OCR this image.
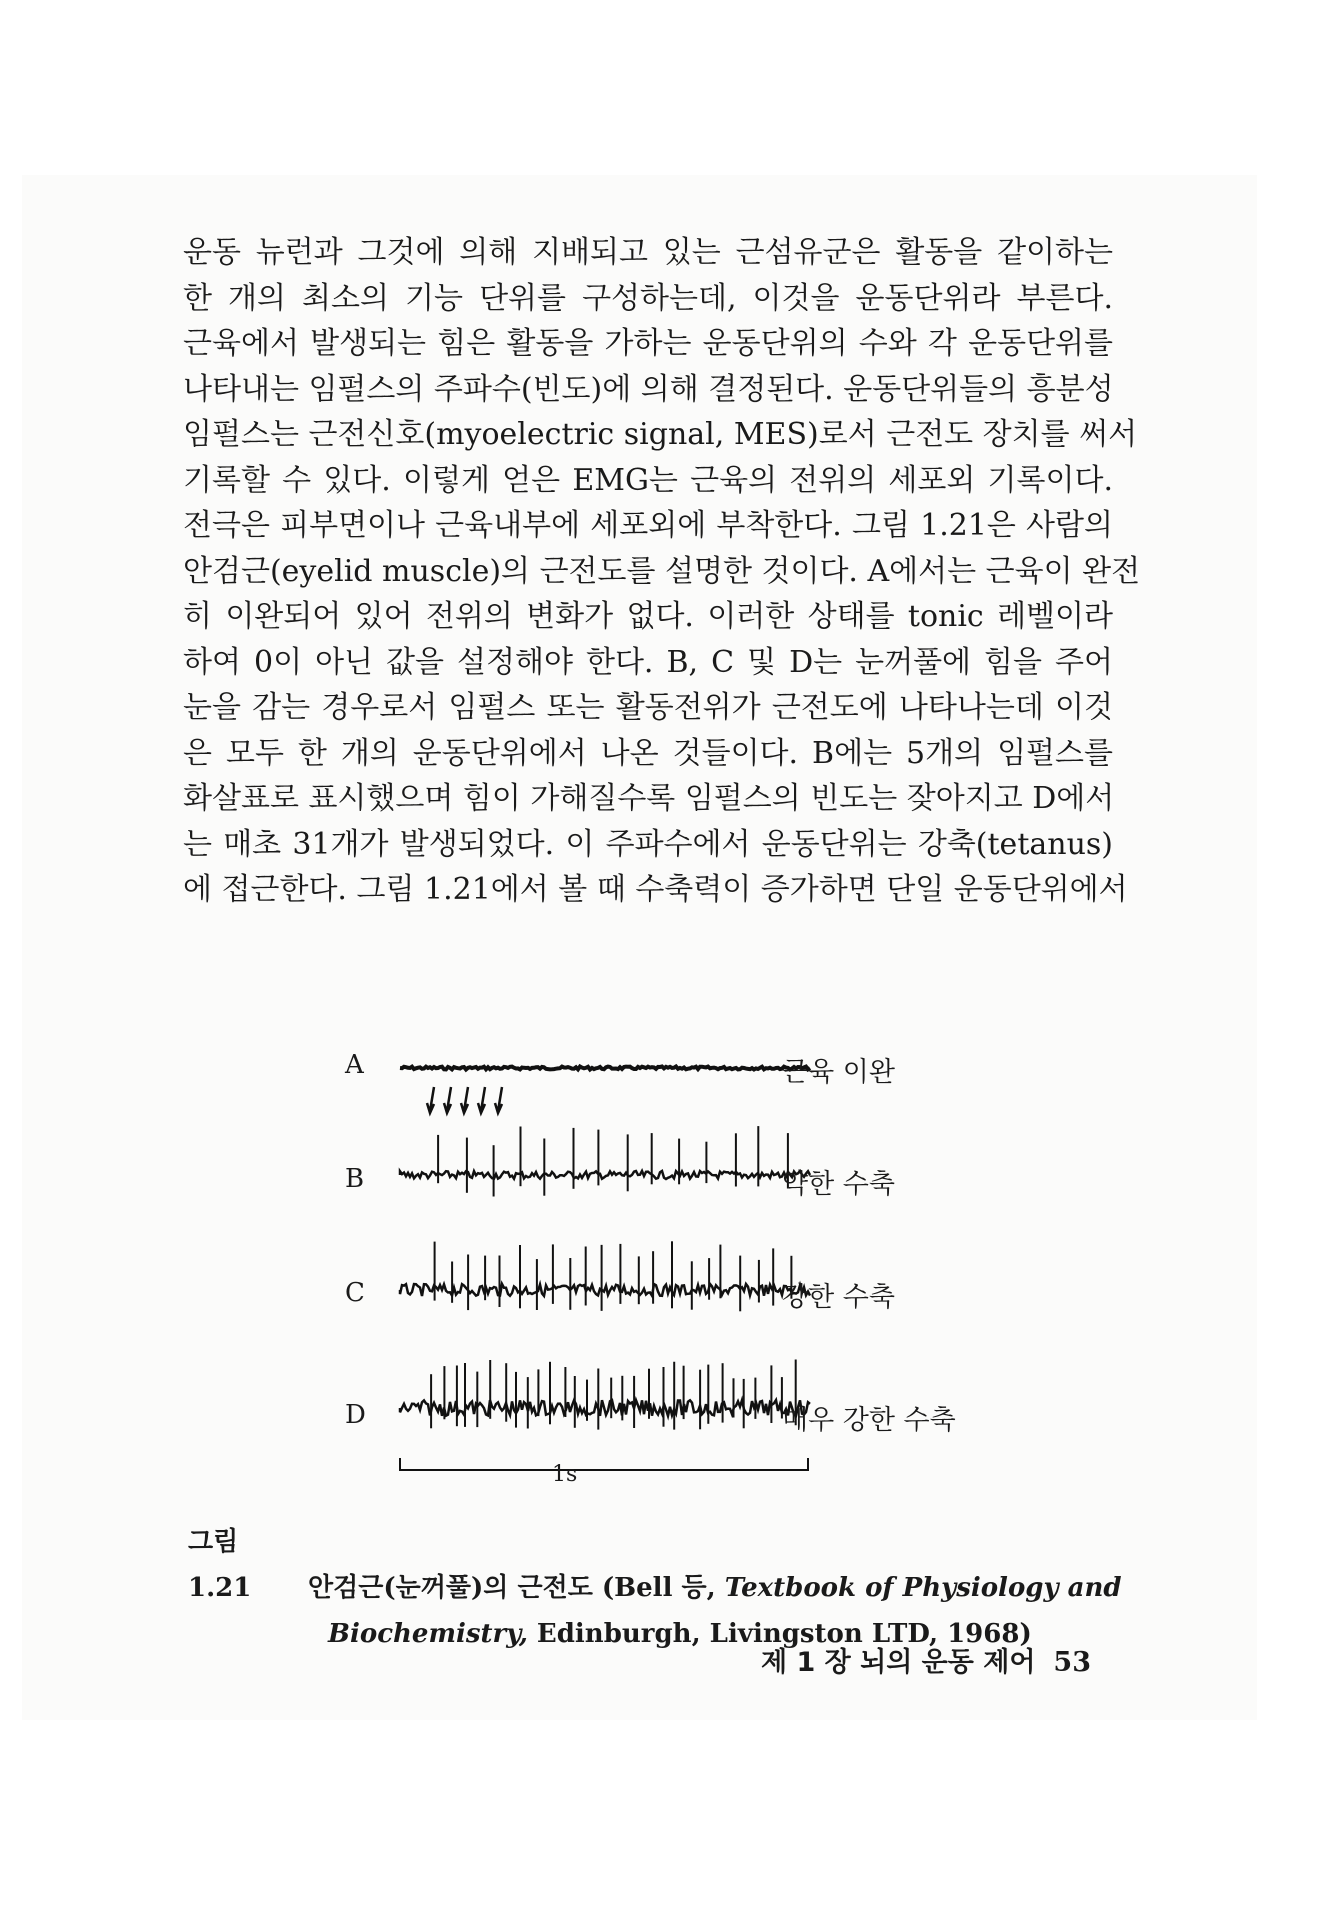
운동 뉴런과 그것에 의해 지배되고 있는 근섬유군은 활동을 같이하는
한 개의 최소의 기능 단위를 구성하는데, 이것을 운동단위라 부른다.
근육에서 발생되는 힘은 활동을 가하는 운동단위의 수와 각 운동단위를
나타내는 임펄스의 주파수(빈도)에 의해 결정된다. 운동단위들의 흥분성
임펄스는 근전신호(myoelectric signal, MES)로서 근전도 장치를 써서
기록할 수 있다. 이렇게 얻은 EMG는 근육의 전위의 세포외 기록이다.
전극은 피부면이나 근육내부에 세포외에 부착한다. 그림 1.21은 사람의
안검근(eyelid muscle)의 근전도를 설명한 것이다. A에서는 근육이 완전
히 이완되어 있어 전위의 변화가 없다. 이러한 상태를 tonic 레벨이라
하여 0이 아닌 값을 설정해야 한다. B, C 및 D는 눈꺼풀에 힘을 주어
눈을 감는 경우로서 임펄스 또는 활동전위가 근전도에 나타나는데 이것
은 모두 한 개의 운동단위에서 나온 것들이다. B에는 5개의 임펄스를
화살표로 표시했으며 힘이 가해질수록 임펄스의 빈도는 잦아지고 D에서
는 매초 31개가 발생되었다. 이 주파수에서 운동단위는 강축(tetanus)
에 접근한다. 그림 1.21에서 볼 때 수축력이 증가하면 단일 운동단위에서
A
B
C
D
근육 이완
약한 수축
강한 수축
매우 강한 수축
1s
그림 1.21 안검근(눈꺼풀)의 근전도 (Bell 등, Textbook of Physiology and
Biochemistry, Edinburgh, Livingston LTD, 1968)
제 1 장 뇌의 운동 제어 53
